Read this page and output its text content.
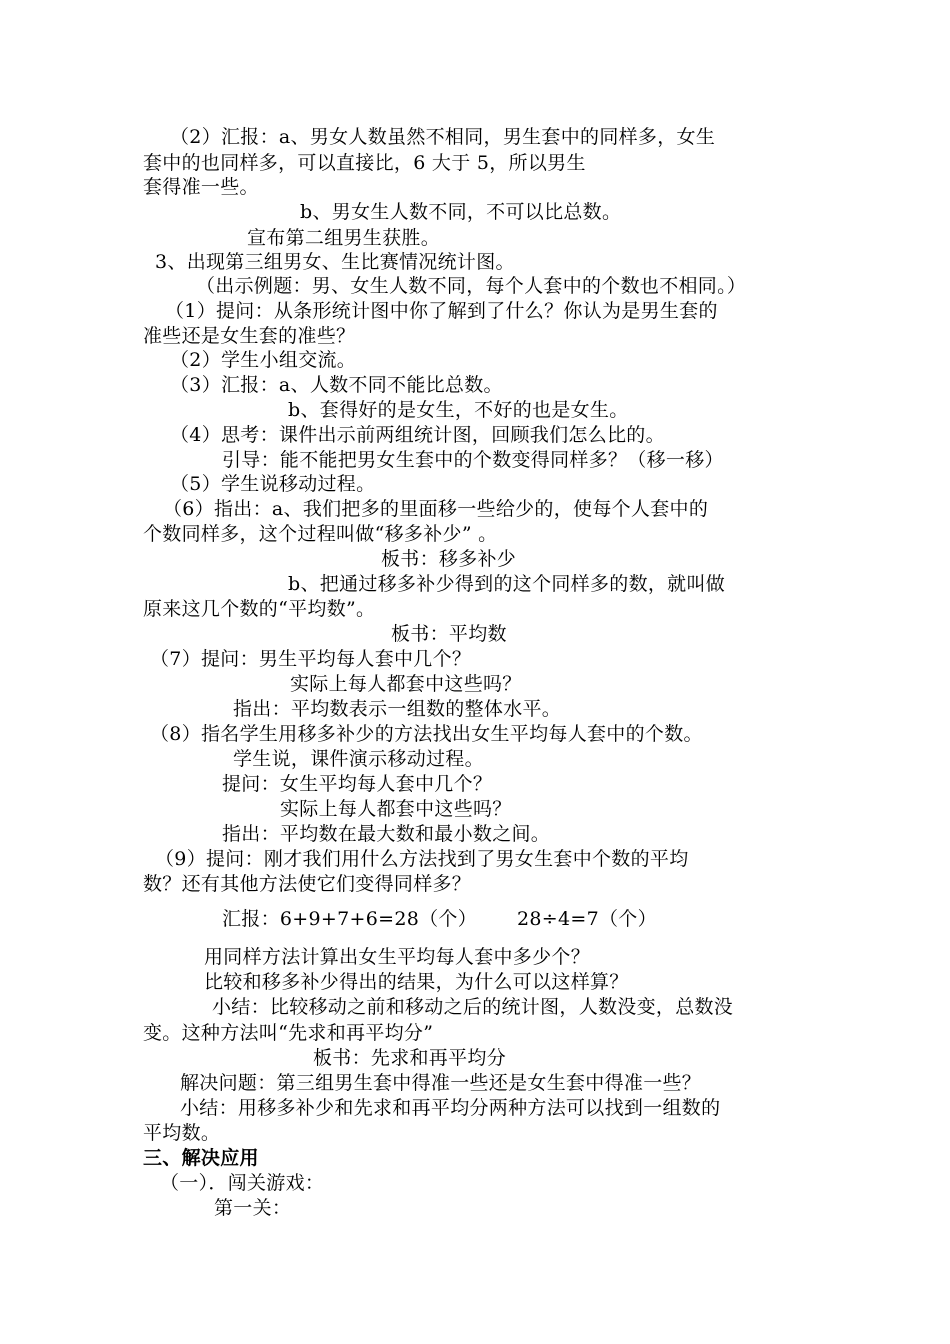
（2）汇报：a、男女人数虽然不相同，男生套中的同样多，女生
套中的也同样多，可以直接比，6 大于 5，所以男生
套得准一些。
b、男女生人数不同，不可以比总数。
宣布第二组男生获胜。
3、出现第三组男女、生比赛情况统计图。
（出示例题：男、女生人数不同，每个人套中的个数也不相同。）
（1）提问：从条形统计图中你了解到了什么？你认为是男生套的
准些还是女生套的准些？
（2）学生小组交流。
（3）汇报：a、人数不同不能比总数。
b、套得好的是女生，不好的也是女生。
（4）思考：课件出示前两组统计图，回顾我们怎么比的。
引导：能不能把男女生套中的个数变得同样多？（移一移）
（5）学生说移动过程。
（6）指出：a、我们把多的里面移一些给少的，使每个人套中的
个数同样多，这个过程叫做“移多补少” 。
板书：移多补少
b、把通过移多补少得到的这个同样多的数，就叫做
原来这几个数的“平均数”。
板书：平均数
（7）提问：男生平均每人套中几个？
实际上每人都套中这些吗？
指出：平均数表示一组数的整体水平。
（8）指名学生用移多补少的方法找出女生平均每人套中的个数。
学生说，课件演示移动过程。
提问：女生平均每人套中几个？
实际上每人都套中这些吗？
指出：平均数在最大数和最小数之间。
（9）提问：刚才我们用什么方法找到了男女生套中个数的平均
数？还有其他方法使它们变得同样多？
汇报：6+9+7+6=28（个） 28÷4=7（个）
用同样方法计算出女生平均每人套中多少个？
比较和移多补少得出的结果，为什么可以这样算？
小结：比较移动之前和移动之后的统计图，人数没变，总数没
变。这种方法叫“先求和再平均分”
板书：先求和再平均分
解决问题：第三组男生套中得准一些还是女生套中得准一些？
小结：用移多补少和先求和再平均分两种方法可以找到一组数的
平均数。
三、解决应用
（一）．闯关游戏：
第一关：
